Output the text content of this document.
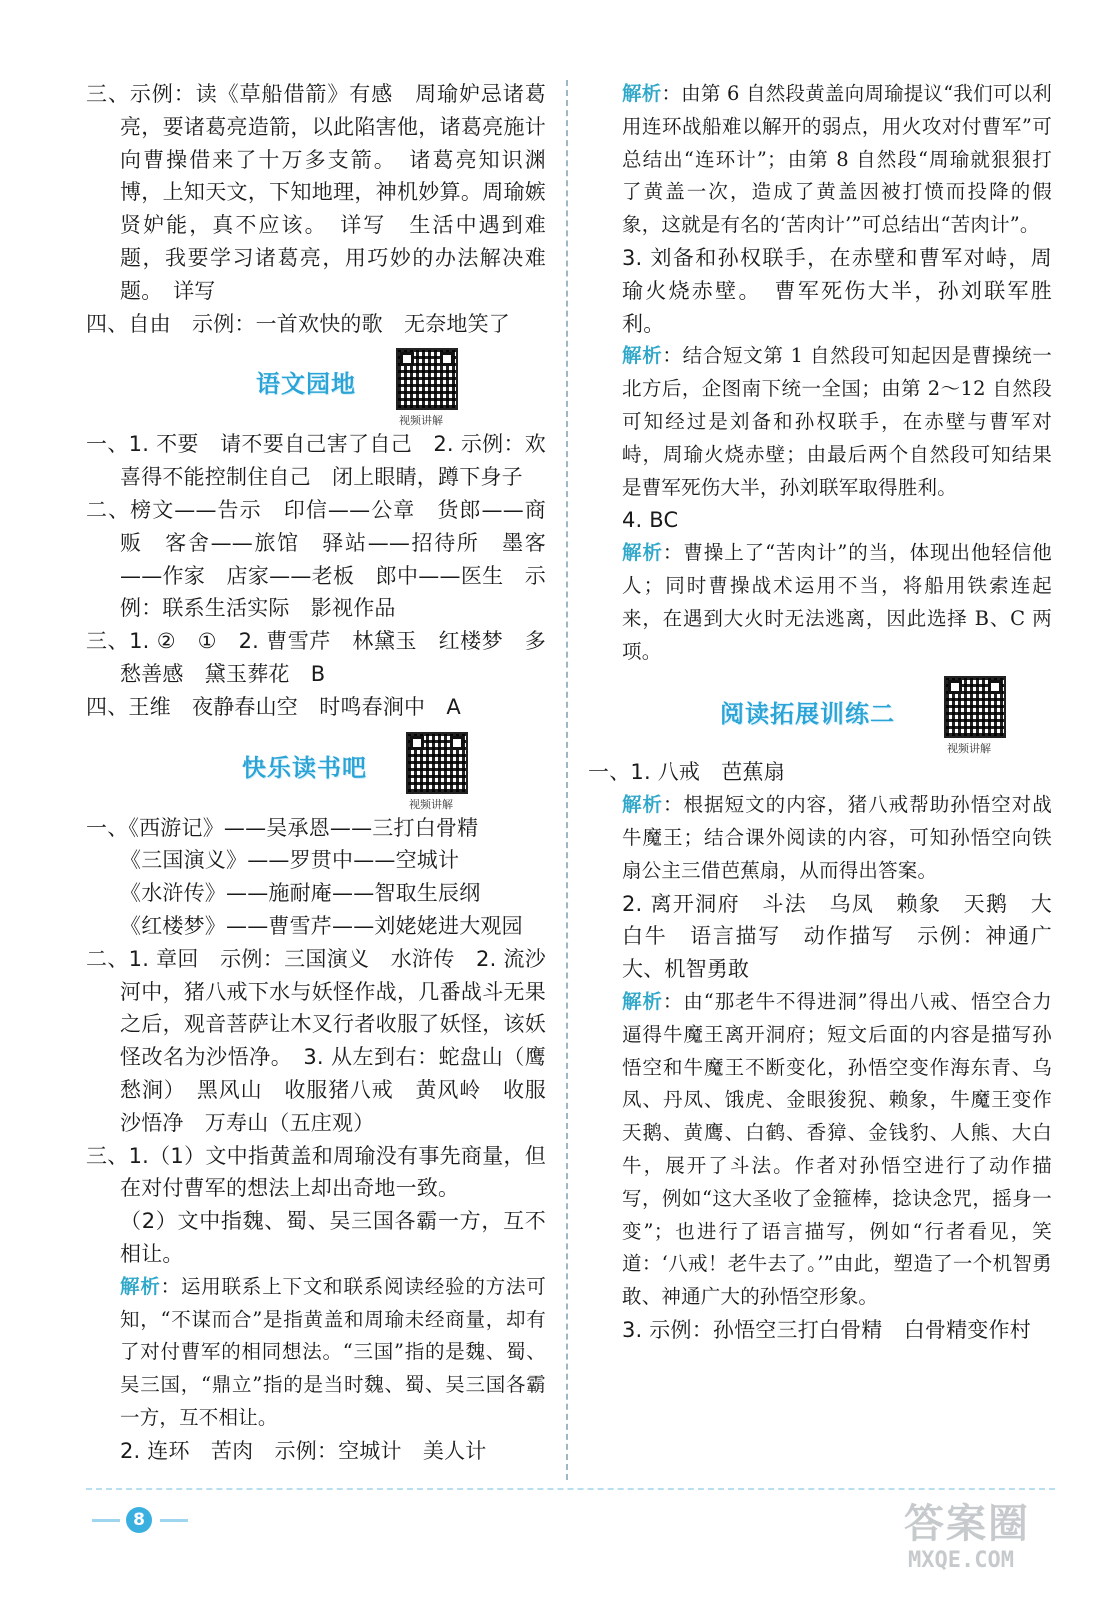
三、示例：读《草船借箭》有感　周瑜妒忌诸葛亮，要诸葛亮造箭，以此陷害他，诸葛亮施计向曹操借来了十万多支箭。　诸葛亮知识渊博，上知天文，下知地理，神机妙算。周瑜嫉贤妒能，真不应该。　详写　生活中遇到难题，我要学习诸葛亮，用巧妙的办法解决难题。　详写

四、自由　示例：一首欢快的歌　无奈地笑了

语文园地
视频讲解

一、1. 不要　请不要自己害了自己　2. 示例：欢喜得不能控制住自己　闭上眼睛，蹲下身子

二、榜文——告示　印信——公章　货郎——商贩　客舍——旅馆　驿站——招待所　墨客——作家　店家——老板　郎中——医生　示例：联系生活实际　影视作品

三、1. ②　①　2. 曹雪芹　林黛玉　红楼梦　多愁善感　黛玉葬花　B

四、王维　夜静春山空　时鸣春涧中　A

快乐读书吧
视频讲解

一、《西游记》——吴承恩——三打白骨精

《三国演义》——罗贯中——空城计

《水浒传》——施耐庵——智取生辰纲

《红楼梦》——曹雪芹——刘姥姥进大观园

二、1. 章回　示例：三国演义　水浒传　2. 流沙河中，猪八戒下水与妖怪作战，几番战斗无果之后，观音菩萨让木叉行者收服了妖怪，该妖怪改名为沙悟净。　3. 从左到右：蛇盘山（鹰愁涧）　黑风山　收服猪八戒　黄风岭　收服沙悟净　万寿山（五庄观）

三、1.（1）文中指黄盖和周瑜没有事先商量，但在对付曹军的想法上却出奇地一致。

（2）文中指魏、蜀、吴三国各霸一方，互不相让。

解析：运用联系上下文和联系阅读经验的方法可知，“不谋而合”是指黄盖和周瑜未经商量，却有了对付曹军的相同想法。“三国”指的是魏、蜀、吴三国，“鼎立”指的是当时魏、蜀、吴三国各霸一方，互不相让。

2. 连环　苦肉　示例：空城计　美人计

解析：由第 6 自然段黄盖向周瑜提议“我们可以利用连环战船难以解开的弱点，用火攻对付曹军”可总结出“连环计”；由第 8 自然段“周瑜就狠狠打了黄盖一次，造成了黄盖因被打愤而投降的假象，这就是有名的‘苦肉计’”可总结出“苦肉计”。

3. 刘备和孙权联手，在赤壁和曹军对峙，周瑜火烧赤壁。　曹军死伤大半，孙刘联军胜利。

解析：结合短文第 1 自然段可知起因是曹操统一北方后，企图南下统一全国；由第 2～12 自然段可知经过是刘备和孙权联手，在赤壁与曹军对峙，周瑜火烧赤壁；由最后两个自然段可知结果是曹军死伤大半，孙刘联军取得胜利。

4. BC

解析：曹操上了“苦肉计”的当，体现出他轻信他人；同时曹操战术运用不当，将船用铁索连起来，在遇到大火时无法逃离，因此选择 B、C 两项。

阅读拓展训练二
视频讲解

一、1. 八戒　芭蕉扇

解析：根据短文的内容，猪八戒帮助孙悟空对战牛魔王；结合课外阅读的内容，可知孙悟空向铁扇公主三借芭蕉扇，从而得出答案。

2. 离开洞府　斗法　乌凤　赖象　天鹅　大白牛　语言描写　动作描写　示例：神通广大、机智勇敢

解析：由“那老牛不得进洞”得出八戒、悟空合力逼得牛魔王离开洞府；短文后面的内容是描写孙悟空和牛魔王不断变化，孙悟空变作海东青、乌凤、丹凤、饿虎、金眼狻猊、赖象，牛魔王变作天鹅、黄鹰、白鹤、香獐、金钱豹、人熊、大白牛，展开了斗法。作者对孙悟空进行了动作描写，例如“这大圣收了金箍棒，捻诀念咒，摇身一变”；也进行了语言描写，例如“行者看见，笑道：‘八戒！老牛去了。’”由此，塑造了一个机智勇敢、神通广大的孙悟空形象。

3. 示例：孙悟空三打白骨精　白骨精变作村

8	答案圈
MXQE.COM
